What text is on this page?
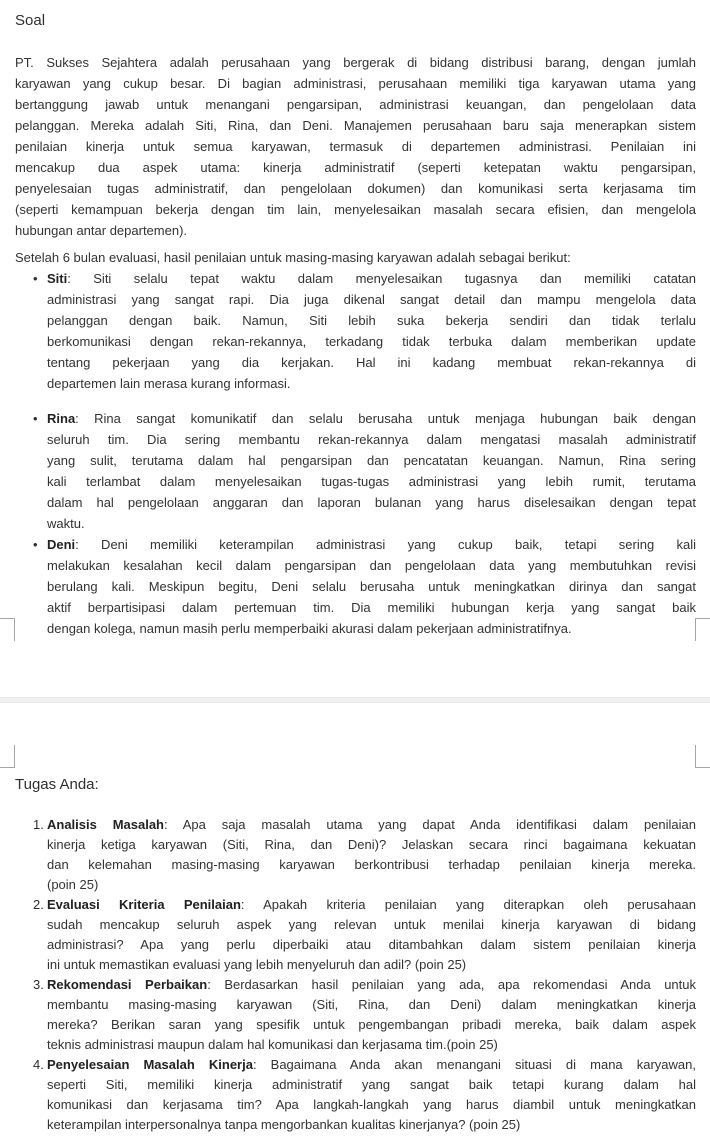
Soal
PT. Sukses Sejahtera adalah perusahaan yang bergerak di bidang distribusi barang, dengan jumlah
karyawan yang cukup besar. Di bagian administrasi, perusahaan memiliki tiga karyawan utama yang
bertanggung jawab untuk menangani pengarsipan, administrasi keuangan, dan pengelolaan data
pelanggan. Mereka adalah Siti, Rina, dan Deni. Manajemen perusahaan baru saja menerapkan sistem
penilaian kinerja untuk semua karyawan, termasuk di departemen administrasi. Penilaian ini
mencakup dua aspek utama: kinerja administratif (seperti ketepatan waktu pengarsipan,
penyelesaian tugas administratif, dan pengelolaan dokumen) dan komunikasi serta kerjasama tim
(seperti kemampuan bekerja dengan tim lain, menyelesaikan masalah secara efisien, dan mengelola
hubungan antar departemen).
Setelah 6 bulan evaluasi, hasil penilaian untuk masing-masing karyawan adalah sebagai berikut:
• Siti: Siti selalu tepat waktu dalam menyelesaikan tugasnya dan memiliki catatan
administrasi yang sangat rapi. Dia juga dikenal sangat detail dan mampu mengelola data
pelanggan dengan baik. Namun, Siti lebih suka bekerja sendiri dan tidak terlalu
berkomunikasi dengan rekan-rekannya, terkadang tidak terbuka dalam memberikan update
tentang pekerjaan yang dia kerjakan. Hal ini kadang membuat rekan-rekannya di
departemen lain merasa kurang informasi.
• Rina: Rina sangat komunikatif dan selalu berusaha untuk menjaga hubungan baik dengan
seluruh tim. Dia sering membantu rekan-rekannya dalam mengatasi masalah administratif
yang sulit, terutama dalam hal pengarsipan dan pencatatan keuangan. Namun, Rina sering
kali terlambat dalam menyelesaikan tugas-tugas administrasi yang lebih rumit, terutama
dalam hal pengelolaan anggaran dan laporan bulanan yang harus diselesaikan dengan tepat
waktu.
• Deni: Deni memiliki keterampilan administrasi yang cukup baik, tetapi sering kali
melakukan kesalahan kecil dalam pengarsipan dan pengelolaan data yang membutuhkan revisi
berulang kali. Meskipun begitu, Deni selalu berusaha untuk meningkatkan dirinya dan sangat
aktif berpartisipasi dalam pertemuan tim. Dia memiliki hubungan kerja yang sangat baik
dengan kolega, namun masih perlu memperbaiki akurasi dalam pekerjaan administratifnya.
Tugas Anda:
1. Analisis Masalah: Apa saja masalah utama yang dapat Anda identifikasi dalam penilaian
kinerja ketiga karyawan (Siti, Rina, dan Deni)? Jelaskan secara rinci bagaimana kekuatan
dan kelemahan masing-masing karyawan berkontribusi terhadap penilaian kinerja mereka.
(poin 25)
2. Evaluasi Kriteria Penilaian: Apakah kriteria penilaian yang diterapkan oleh perusahaan
sudah mencakup seluruh aspek yang relevan untuk menilai kinerja karyawan di bidang
administrasi? Apa yang perlu diperbaiki atau ditambahkan dalam sistem penilaian kinerja
ini untuk memastikan evaluasi yang lebih menyeluruh dan adil? (poin 25)
3. Rekomendasi Perbaikan: Berdasarkan hasil penilaian yang ada, apa rekomendasi Anda untuk
membantu masing-masing karyawan (Siti, Rina, dan Deni) dalam meningkatkan kinerja
mereka? Berikan saran yang spesifik untuk pengembangan pribadi mereka, baik dalam aspek
teknis administrasi maupun dalam hal komunikasi dan kerjasama tim.(poin 25)
4. Penyelesaian Masalah Kinerja: Bagaimana Anda akan menangani situasi di mana karyawan,
seperti Siti, memiliki kinerja administratif yang sangat baik tetapi kurang dalam hal
komunikasi dan kerjasama tim? Apa langkah-langkah yang harus diambil untuk meningkatkan
keterampilan interpersonalnya tanpa mengorbankan kualitas kinerjanya? (poin 25)
